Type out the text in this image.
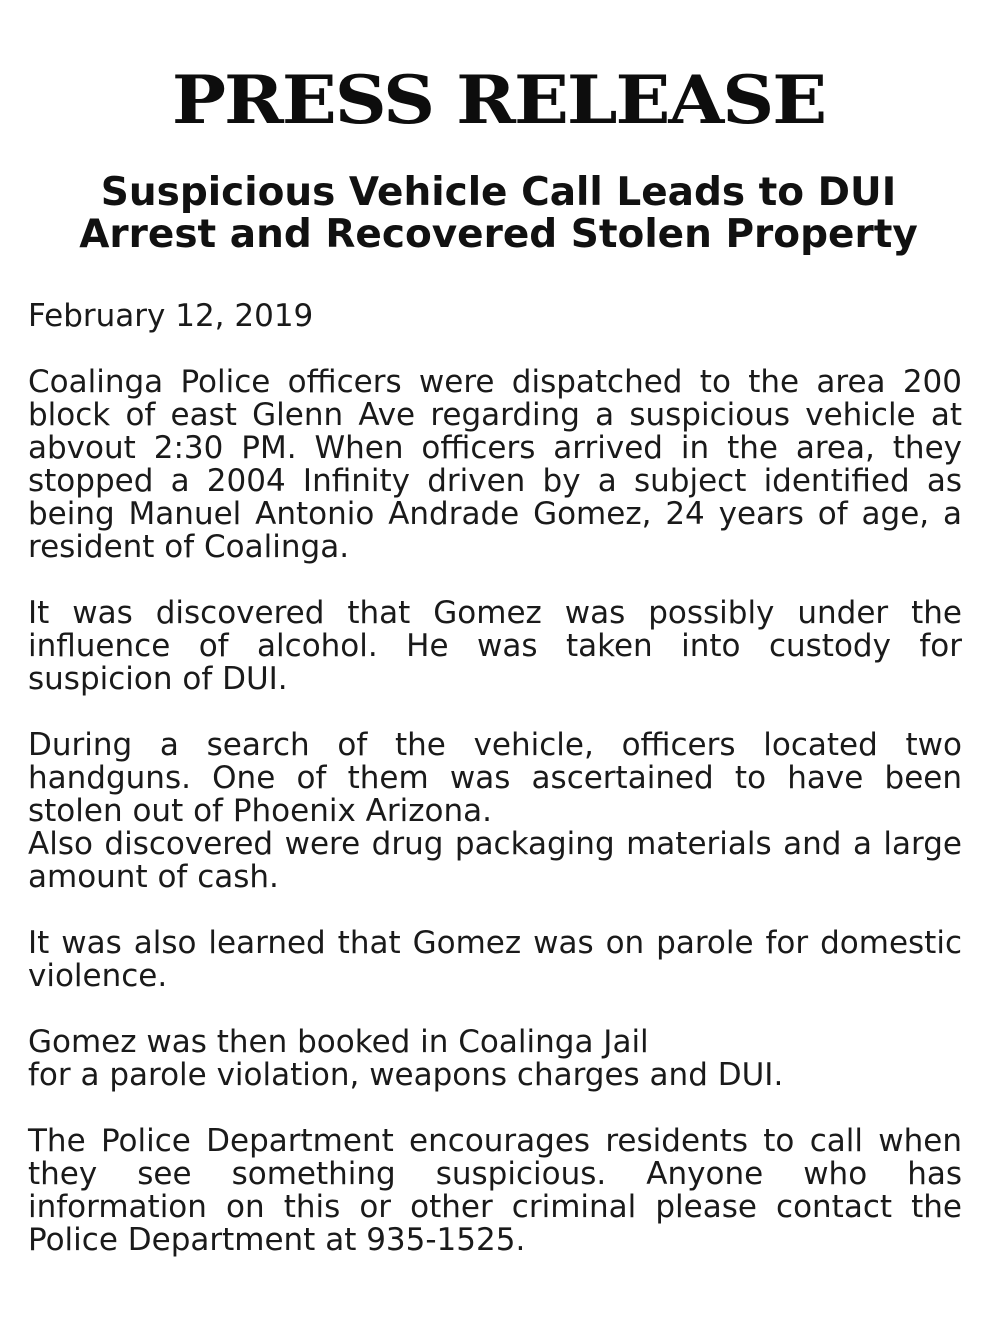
PRESS RELEASE
Suspicious Vehicle Call Leads to DUI
Arrest and Recovered Stolen Property
February 12, 2019
Coalinga Police officers were dispatched to the area 200 block of east Glenn Ave regarding a suspicious vehicle at abvout 2:30 PM. When officers arrived in the area, they stopped a 2004 Infinity driven by a subject identified as being Manuel Antonio Andrade Gomez, 24 years of age, a resident of Coalinga.
It was discovered that Gomez was possibly under the influence of alcohol. He was taken into custody for suspicion of DUI.
During a search of the vehicle, officers located two handguns. One of them was ascertained to have been stolen out of Phoenix Arizona.
Also discovered were drug packaging materials and a large amount of cash.
It was also learned that Gomez was on parole for domestic violence.
Gomez was then booked in Coalinga Jail
for a parole violation, weapons charges and DUI.
The Police Department encourages residents to call when they see something suspicious. Anyone who has information on this or other criminal please contact the Police Department at 935-1525.
